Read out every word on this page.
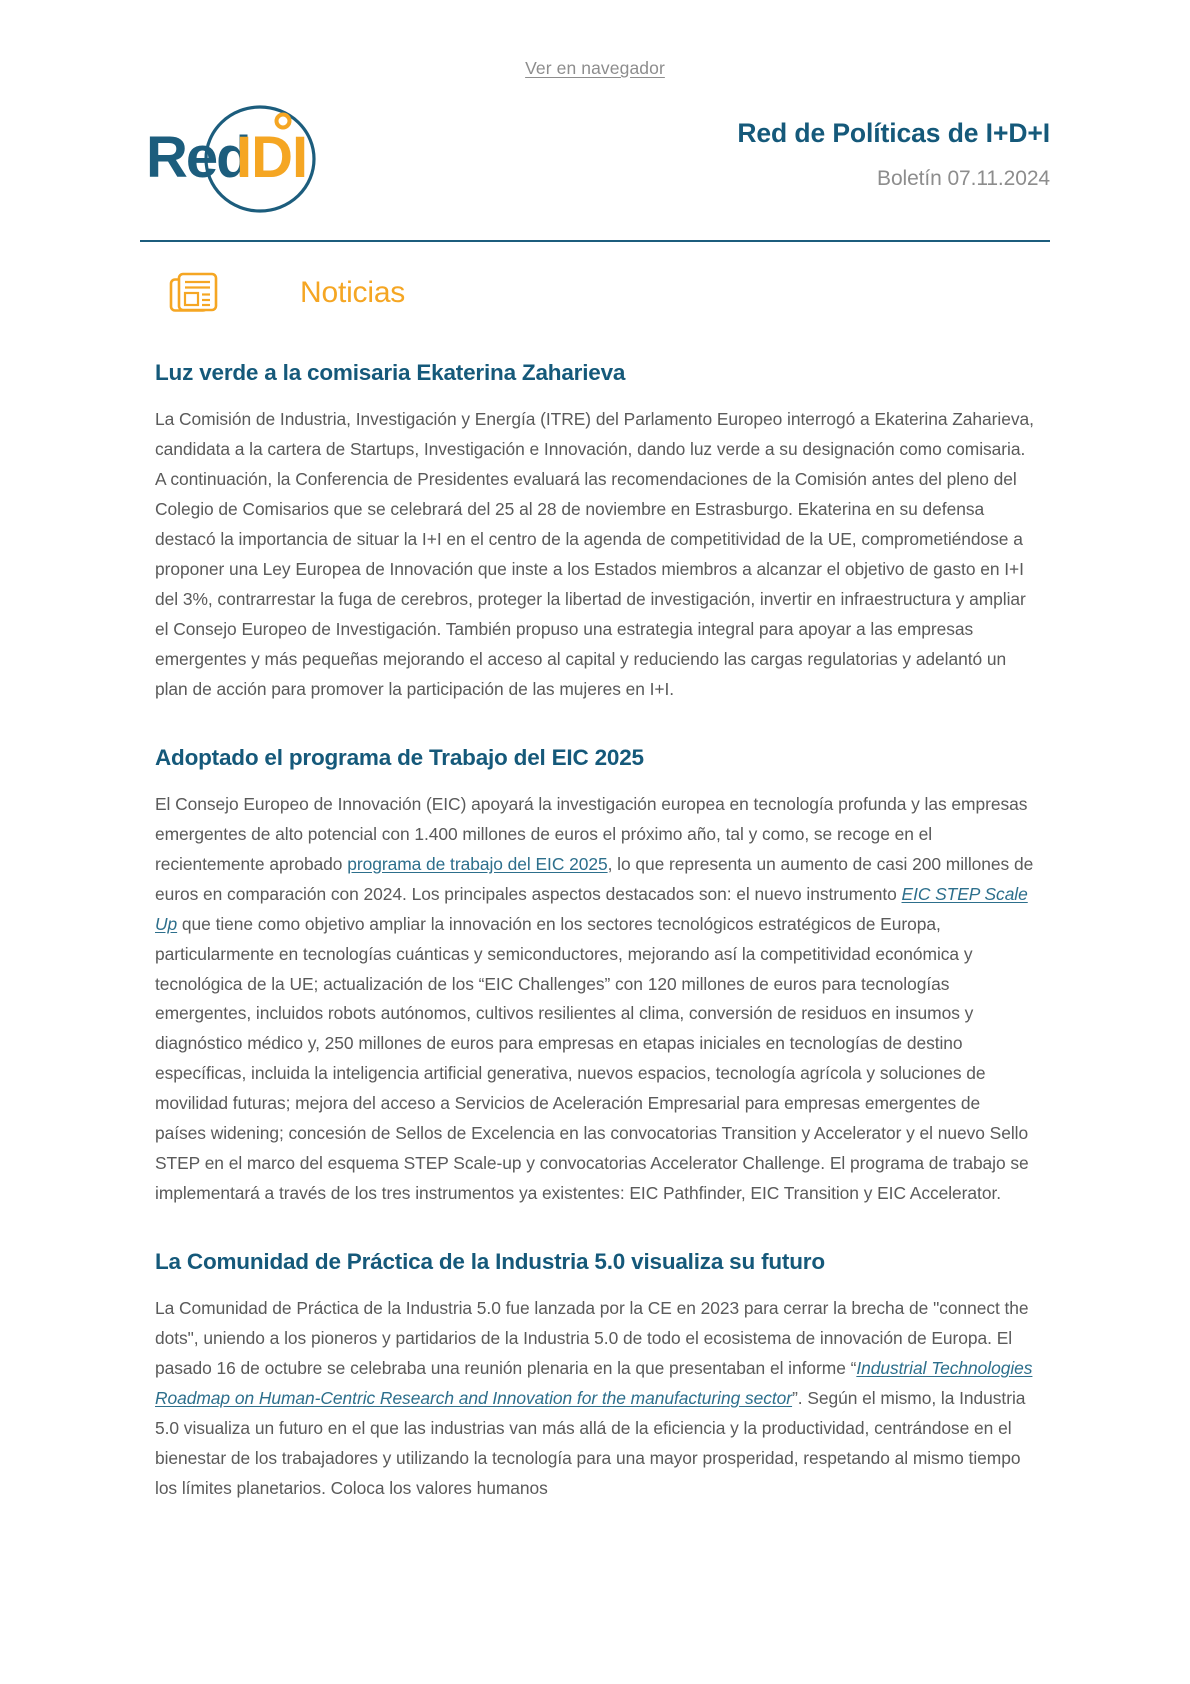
Ver en navegador
Red
IDI	Red de Políticas de I+D+I
Boletín 07.11.2024
Noticias
Luz verde a la comisaria Ekaterina Zaharieva

La Comisión de Industria, Investigación y Energía (ITRE) del Parlamento Europeo interrogó a Ekaterina Zaharieva, candidata a la cartera de Startups, Investigación e Innovación, dando luz verde a su designación como comisaria. A continuación, la Conferencia de Presidentes evaluará las recomendaciones de la Comisión antes del pleno del Colegio de Comisarios que se celebrará del 25 al 28 de noviembre en Estrasburgo. Ekaterina en su defensa destacó la importancia de situar la I+I en el centro de la agenda de competitividad de la UE, comprometiéndose a proponer una Ley Europea de Innovación que inste a los Estados miembros a alcanzar el objetivo de gasto en I+I del 3%, contrarrestar la fuga de cerebros, proteger la libertad de investigación, invertir en infraestructura y ampliar el Consejo Europeo de Investigación. También propuso una estrategia integral para apoyar a las empresas emergentes y más pequeñas mejorando el acceso al capital y reduciendo las cargas regulatorias y adelantó un plan de acción para promover la participación de las mujeres en I+I.

Adoptado el programa de Trabajo del EIC 2025

El Consejo Europeo de Innovación (EIC) apoyará la investigación europea en tecnología profunda y las empresas emergentes de alto potencial con 1.400 millones de euros el próximo año, tal y como, se recoge en el recientemente aprobado programa de trabajo del EIC 2025, lo que representa un aumento de casi 200 millones de euros en comparación con 2024. Los principales aspectos destacados son: el nuevo instrumento EIC STEP Scale Up que tiene como objetivo ampliar la innovación en los sectores tecnológicos estratégicos de Europa, particularmente en tecnologías cuánticas y semiconductores, mejorando así la competitividad económica y tecnológica de la UE; actualización de los “EIC Challenges” con 120 millones de euros para tecnologías emergentes, incluidos robots autónomos, cultivos resilientes al clima, conversión de residuos en insumos y diagnóstico médico y, 250 millones de euros para empresas en etapas iniciales en tecnologías de destino específicas, incluida la inteligencia artificial generativa, nuevos espacios, tecnología agrícola y soluciones de movilidad futuras; mejora del acceso a Servicios de Aceleración Empresarial para empresas emergentes de países widening; concesión de Sellos de Excelencia en las convocatorias Transition y Accelerator y el nuevo Sello STEP en el marco del esquema STEP Scale-up y convocatorias Accelerator Challenge. El programa de trabajo se implementará a través de los tres instrumentos ya existentes: EIC Pathfinder, EIC Transition y EIC Accelerator.

La Comunidad de Práctica de la Industria 5.0 visualiza su futuro

La Comunidad de Práctica de la Industria 5.0 fue lanzada por la CE en 2023 para cerrar la brecha de "connect the dots", uniendo a los pioneros y partidarios de la Industria 5.0 de todo el ecosistema de innovación de Europa. El pasado 16 de octubre se celebraba una reunión plenaria en la que presentaban el informe “Industrial Technologies Roadmap on Human-Centric Research and Innovation for the manufacturing sector”. Según el mismo, la Industria 5.0 visualiza un futuro en el que las industrias van más allá de la eficiencia y la productividad, centrándose en el bienestar de los trabajadores y utilizando la tecnología para una mayor prosperidad, respetando al mismo tiempo los límites planetarios. Coloca los valores humanos
